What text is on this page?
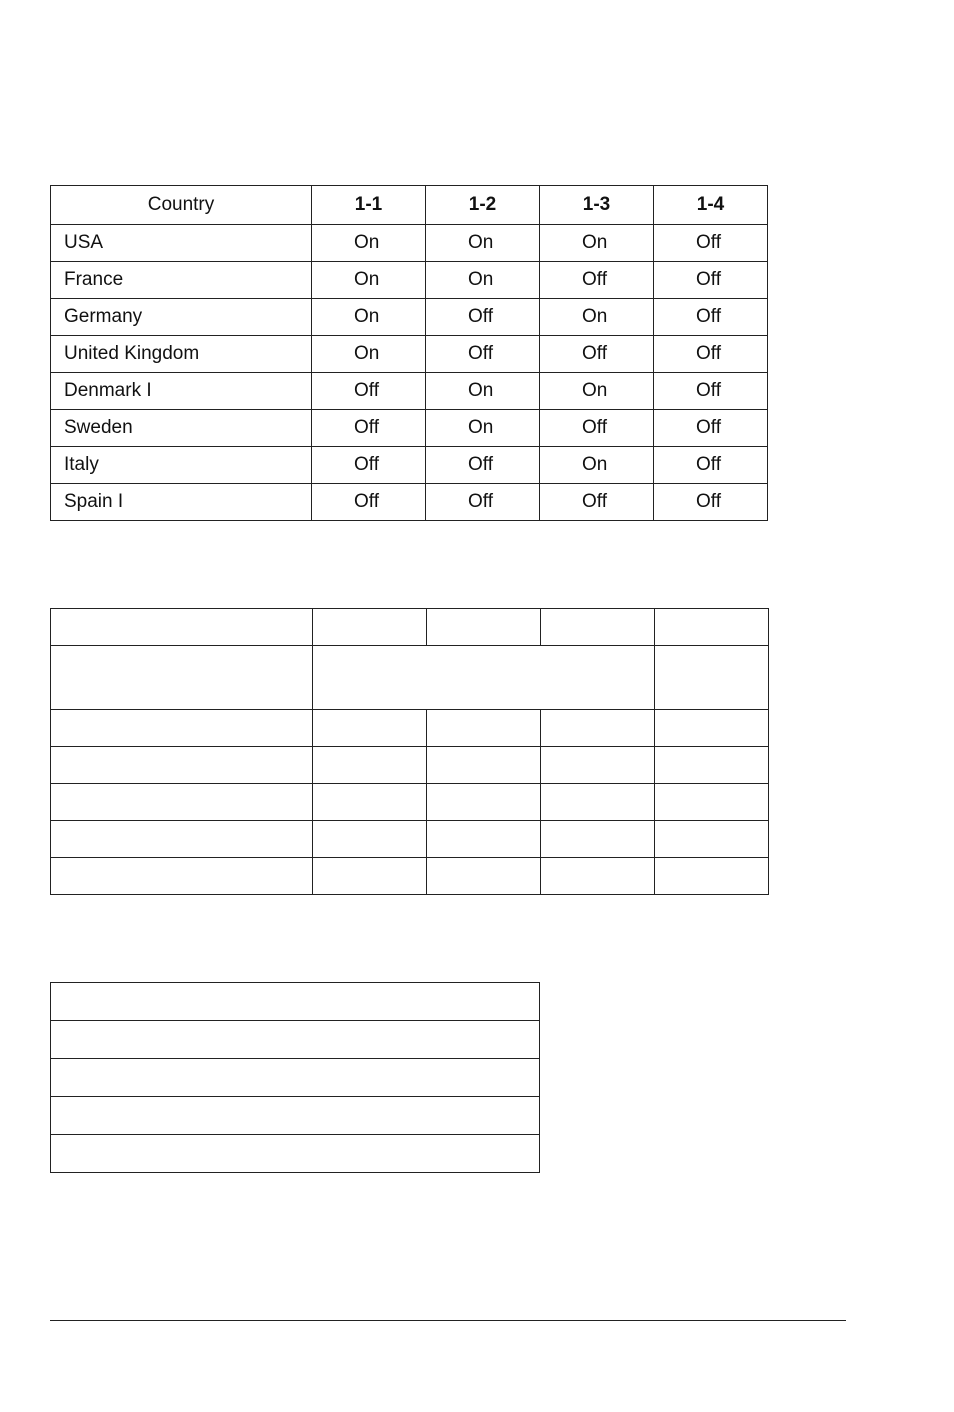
Country	1-1	1-2	1-3	1-4
USA	On	On	On	Off
France	On	On	Off	Off
Germany	On	Off	On	Off
United Kingdom	On	Off	Off	Off
Denmark I	Off	On	On	Off
Sweden	Off	On	Off	Off
Italy	Off	Off	On	Off
Spain I	Off	Off	Off	Off
